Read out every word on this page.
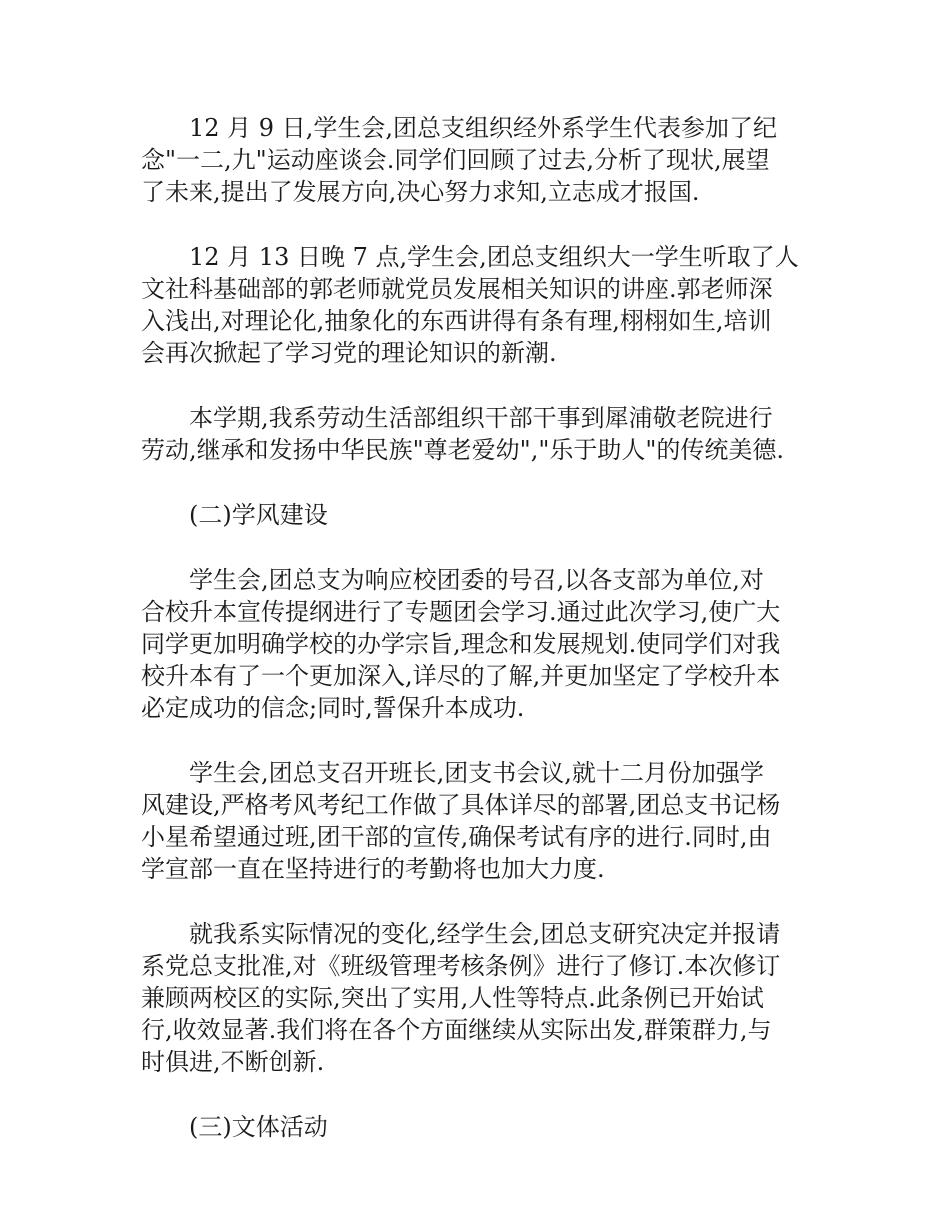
12 月 9 日,学生会,团总支组织经外系学生代表参加了纪
念"一二,九"运动座谈会.同学们回顾了过去,分析了现状,展望
了未来,提出了发展方向,决心努力求知,立志成才报国.

12 月 13 日晚 7 点,学生会,团总支组织大一学生听取了人
文社科基础部的郭老师就党员发展相关知识的讲座.郭老师深
入浅出,对理论化,抽象化的东西讲得有条有理,栩栩如生,培训
会再次掀起了学习党的理论知识的新潮.

本学期,我系劳动生活部组织干部干事到犀浦敬老院进行
劳动,继承和发扬中华民族"尊老爱幼","乐于助人"的传统美德.

(二)学风建设

学生会,团总支为响应校团委的号召,以各支部为单位,对
合校升本宣传提纲进行了专题团会学习.通过此次学习,使广大
同学更加明确学校的办学宗旨,理念和发展规划.使同学们对我
校升本有了一个更加深入,详尽的了解,并更加坚定了学校升本
必定成功的信念;同时,誓保升本成功.

学生会,团总支召开班长,团支书会议,就十二月份加强学
风建设,严格考风考纪工作做了具体详尽的部署,团总支书记杨
小星希望通过班,团干部的宣传,确保考试有序的进行.同时,由
学宣部一直在坚持进行的考勤将也加大力度.

就我系实际情况的变化,经学生会,团总支研究决定并报请
系党总支批准,对《班级管理考核条例》进行了修订.本次修订
兼顾两校区的实际,突出了实用,人性等特点.此条例已开始试
行,收效显著.我们将在各个方面继续从实际出发,群策群力,与
时俱进,不断创新.

(三)文体活动
